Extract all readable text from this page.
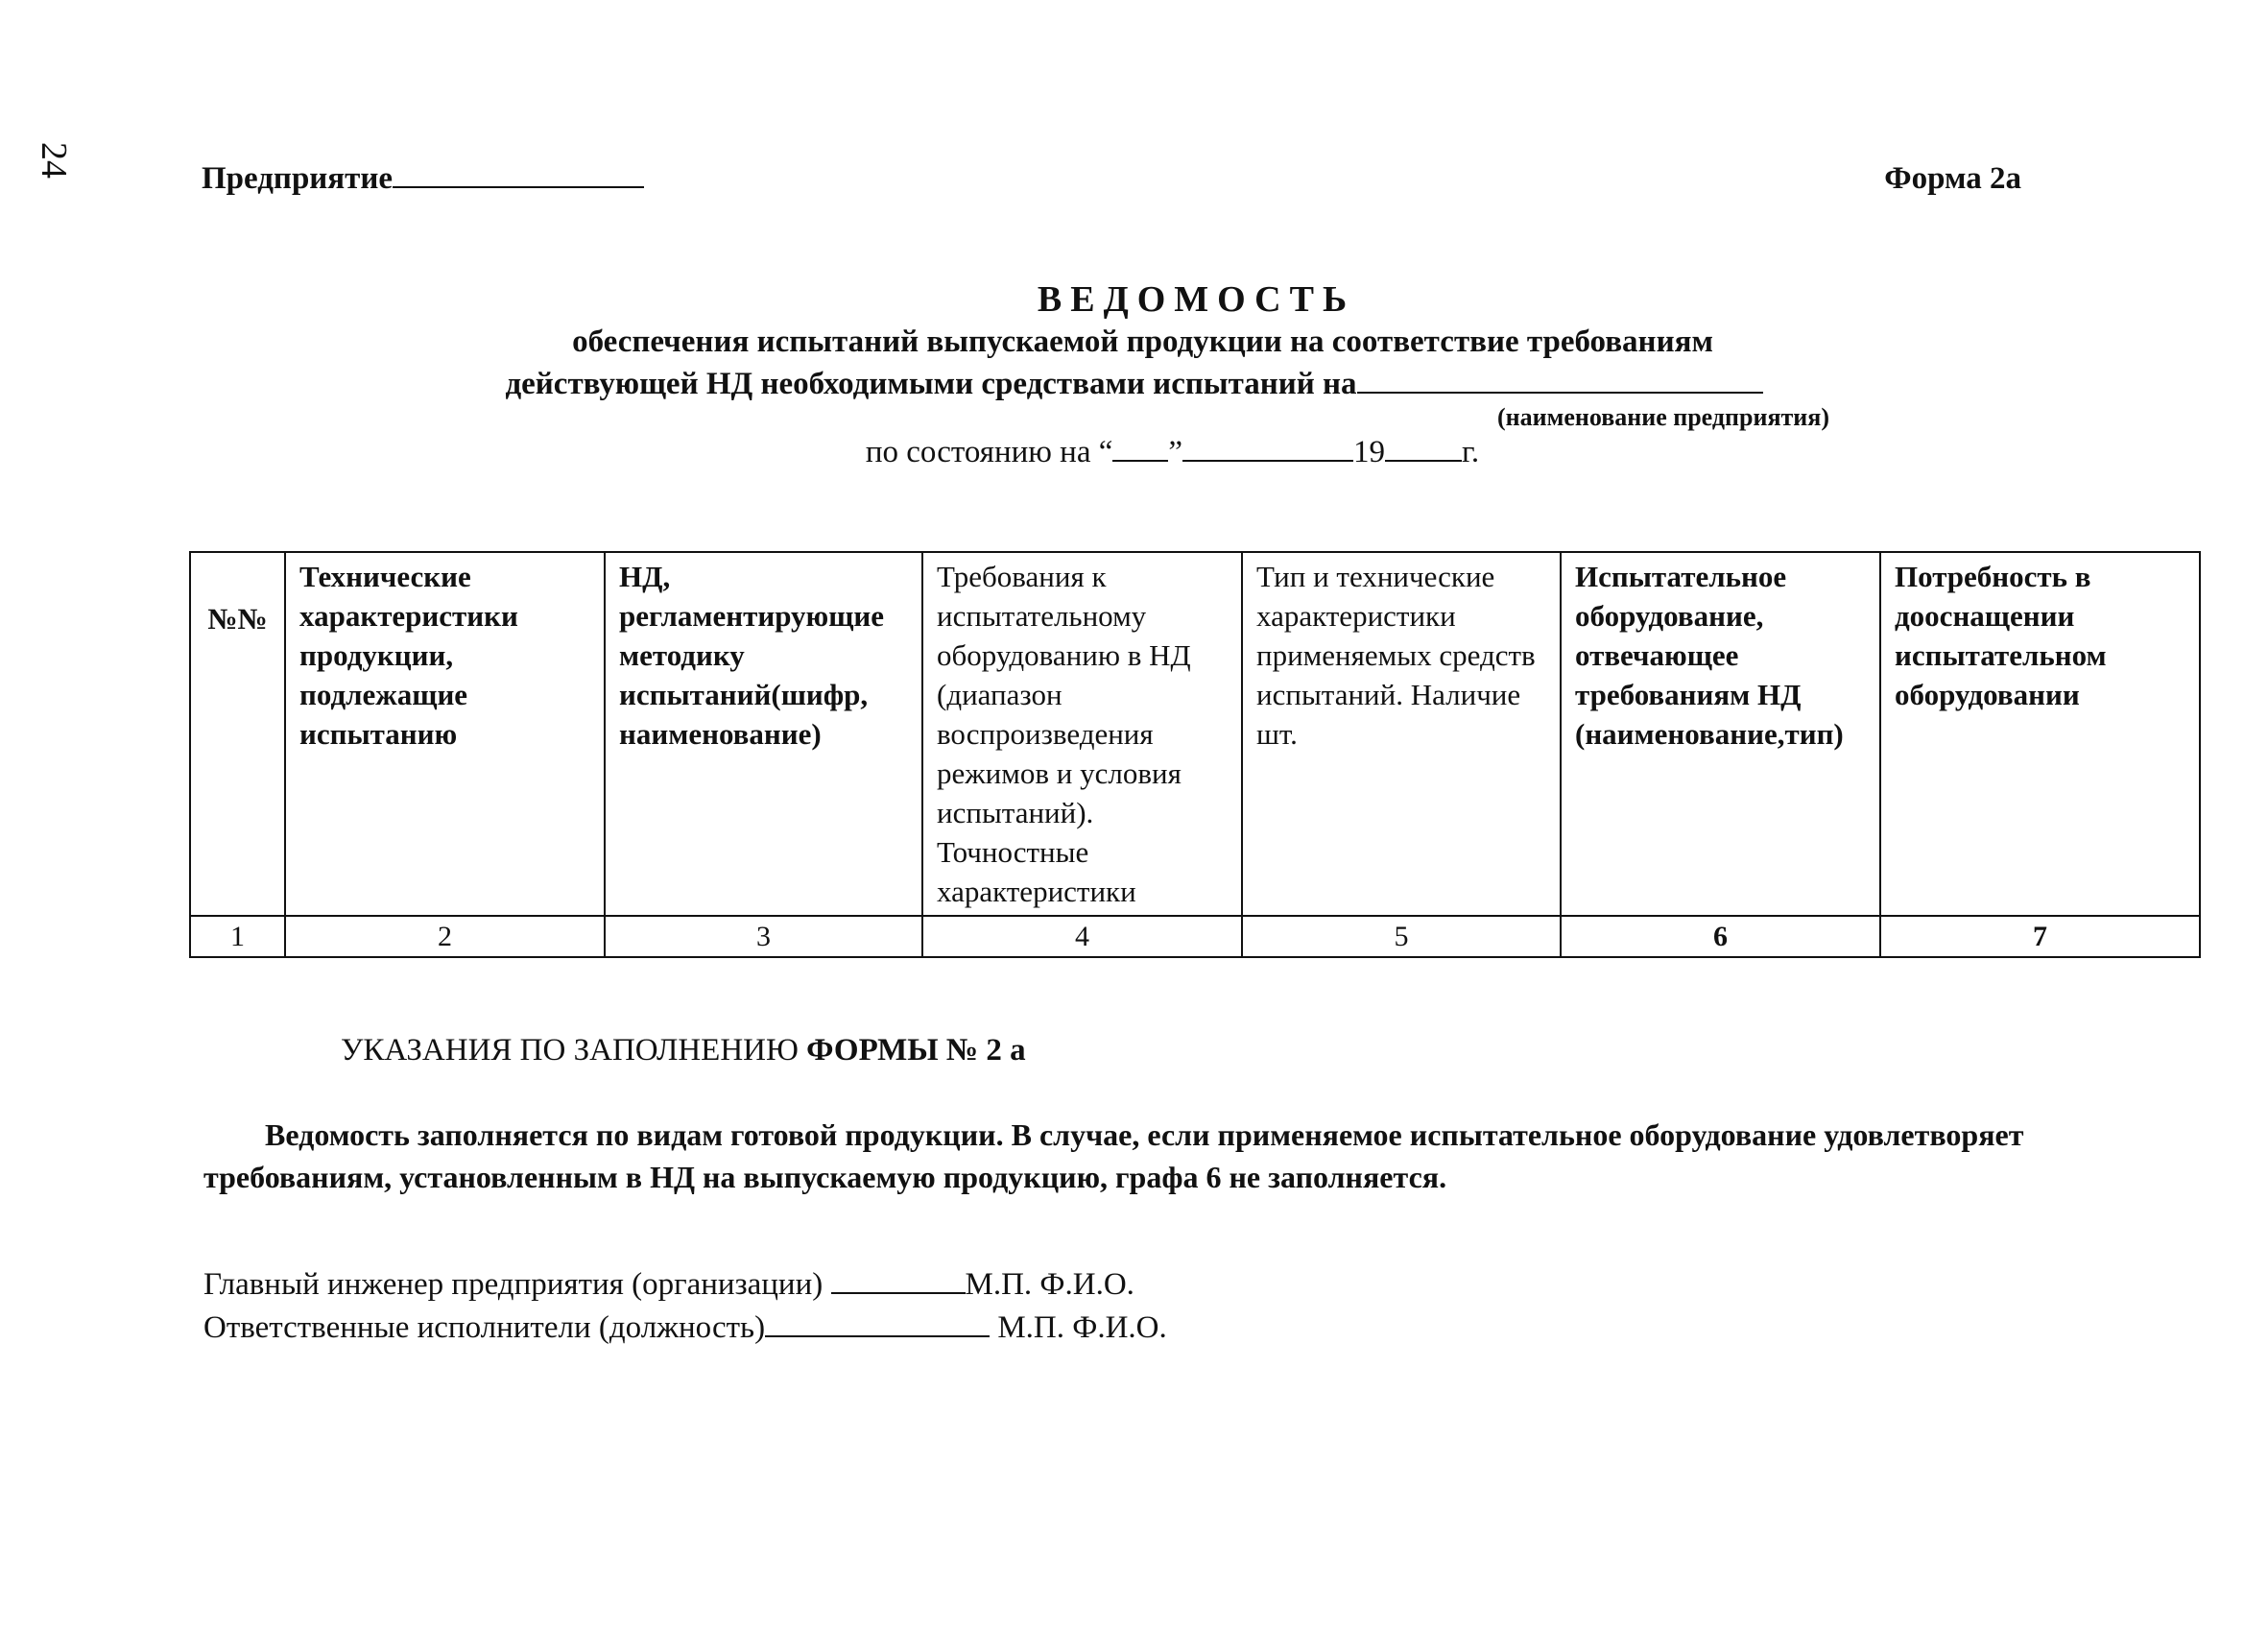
24	Предприятие	Форма 2а
ВЕДОМОСТЬ
обеспечения испытаний выпускаемой продукции на соответствие требованиям
действующей НД необходимыми средствами испытаний на
(наименование предприятия)
по состоянию на “ ”	19 г.
№№	Технические характеристики продукции, подлежащие испытанию	НД, регламентирующие методику испытаний(шифр, наименование)	Требования к испытательному оборудованию в НД (диапазон воспроизведения режимов и условия испытаний). Точностные характеристики	Тип и технические характеристики применяемых средств испытаний. Наличие шт.	Испытательное оборудование, отвечающее требованиям НД (наименование,тип)	Потребность в дооснащении испытательном оборудовании
1	2	3	4	5	6	7
УКАЗАНИЯ ПО ЗАПОЛНЕНИЮ ФОРМЫ № 2 а
Ведомость заполняется по видам готовой продукции. В случае, если применяемое испытательное оборудование удовлетворяет требованиям, установленным в НД на выпускаемую продукцию, графа 6 не заполняется.
Главный инженер предприятия (организации)	М.П. Ф.И.О.
Ответственные исполнители (должность)	М.П. Ф.И.О.
